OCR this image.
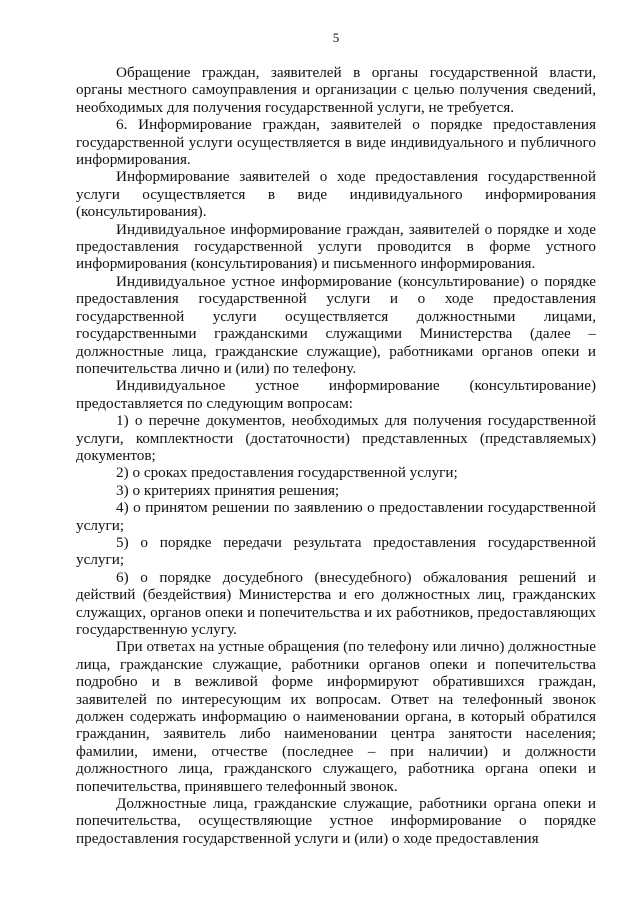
5

Обращение граждан, заявителей в органы государственной власти, органы местного самоуправления и организации с целью получения сведений, необходимых для получения государственной услуги, не требуется.

6. Информирование граждан, заявителей о порядке предоставления государственной услуги осуществляется в виде индивидуального и публичного информирования.

Информирование заявителей о ходе предоставления государственной услуги осуществляется в виде индивидуального информирования (консультирования).

Индивидуальное информирование граждан, заявителей о порядке и ходе предоставления государственной услуги проводится в форме устного информирования (консультирования) и письменного информирования.

Индивидуальное устное информирование (консультирование) о порядке предоставления государственной услуги и о ходе предоставления государственной услуги осуществляется должностными лицами, государственными гражданскими служащими Министерства (далее – должностные лица, гражданские служащие), работниками органов опеки и попечительства лично и (или) по телефону.

Индивидуальное устное информирование (консультирование) предоставляется по следующим вопросам:

1) о перечне документов, необходимых для получения государственной услуги, комплектности (достаточности) представленных (представляемых) документов;

2) о сроках предоставления государственной услуги;

3) о критериях принятия решения;

4) о принятом решении по заявлению о предоставлении государственной услуги;

5) о порядке передачи результата предоставления государственной услуги;

6) о порядке досудебного (внесудебного) обжалования решений и действий (бездействия) Министерства и его должностных лиц, гражданских служащих, органов опеки и попечительства и их работников, предоставляющих государственную услугу.

При ответах на устные обращения (по телефону или лично) должностные лица, гражданские служащие, работники органов опеки и попечительства подробно и в вежливой форме информируют обратившихся граждан, заявителей по интересующим их вопросам. Ответ на телефонный звонок должен содержать информацию о наименовании органа, в который обратился гражданин, заявитель либо наименовании центра занятости населения; фамилии, имени, отчестве (последнее – при наличии) и должности должностного лица, гражданского служащего, работника органа опеки и попечительства, принявшего телефонный звонок.

Должностные лица, гражданские служащие, работники органа опеки и попечительства, осуществляющие устное информирование о порядке предоставления государственной услуги и (или) о ходе предоставления
